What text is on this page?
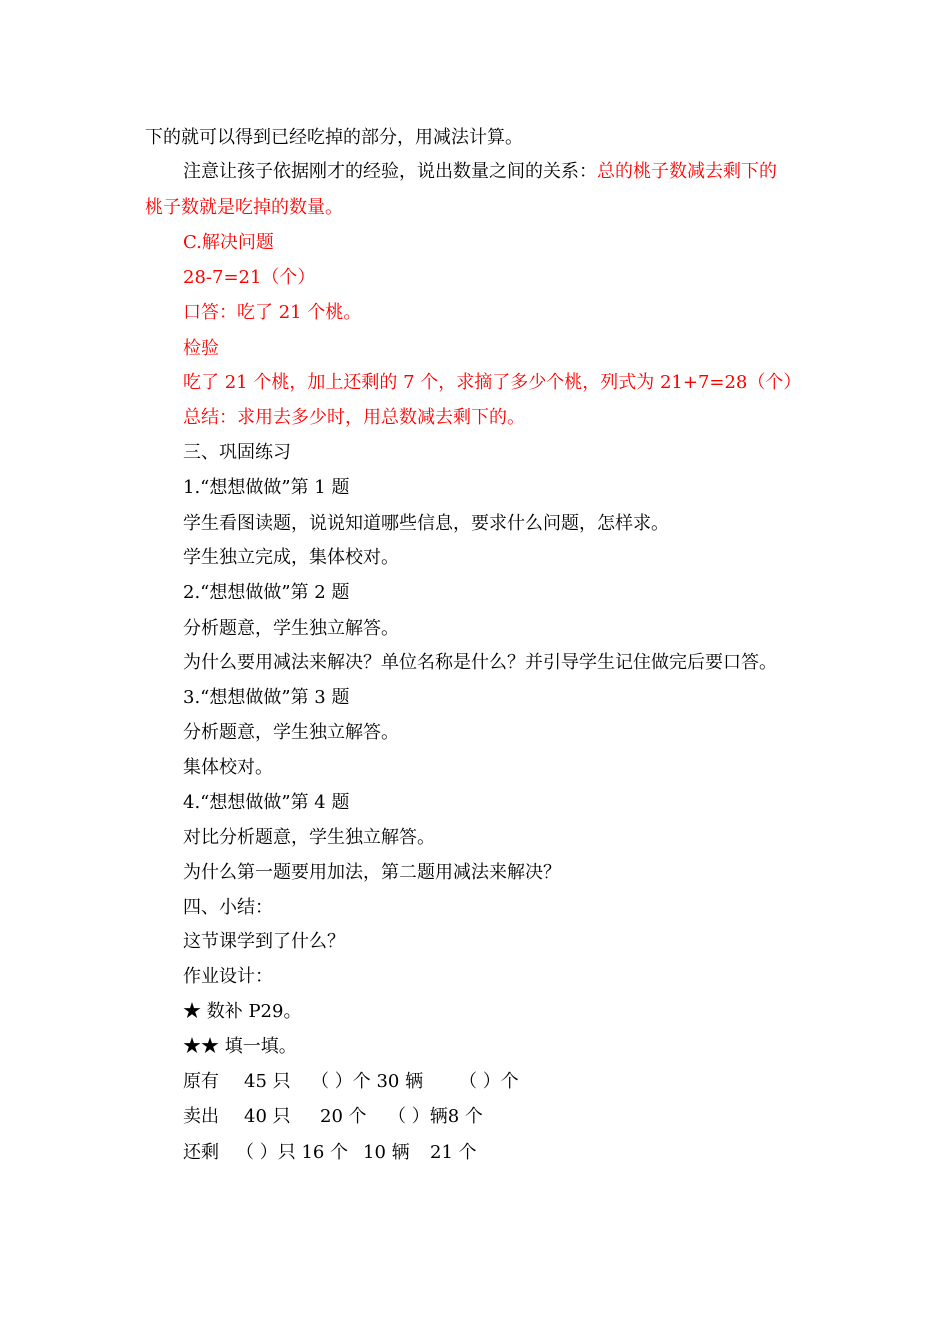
下的就可以得到已经吃掉的部分，用减法计算。
注意让孩子依据刚才的经验，说出数量之间的关系：总的桃子数减去剩下的
桃子数就是吃掉的数量。
C.解决问题
28-7=21（个）
口答：吃了 21 个桃。
检验
吃了 21 个桃，加上还剩的 7 个，求摘了多少个桃，列式为 21+7=28（个）
总结：求用去多少时，用总数减去剩下的。
三、巩固练习
1.“想想做做”第 1 题
学生看图读题，说说知道哪些信息，要求什么问题，怎样求。
学生独立完成，集体校对。
2.“想想做做”第 2 题
分析题意，学生独立解答。
为什么要用减法来解决？单位名称是什么？并引导学生记住做完后要口答。
3.“想想做做”第 3 题
分析题意，学生独立解答。
集体校对。
4.“想想做做”第 4 题
对比分析题意，学生独立解答。
为什么第一题要用加法，第二题用减法来解决？
四、小结：
这节课学到了什么？
作业设计：
★ 数补 P29。
★★ 填一填。
原有 45 只 （ ）个 30 辆 （ ）个
卖出 40 只 20 个 （ ）辆8 个
还剩 （ ）只 16 个 10 辆 21 个
